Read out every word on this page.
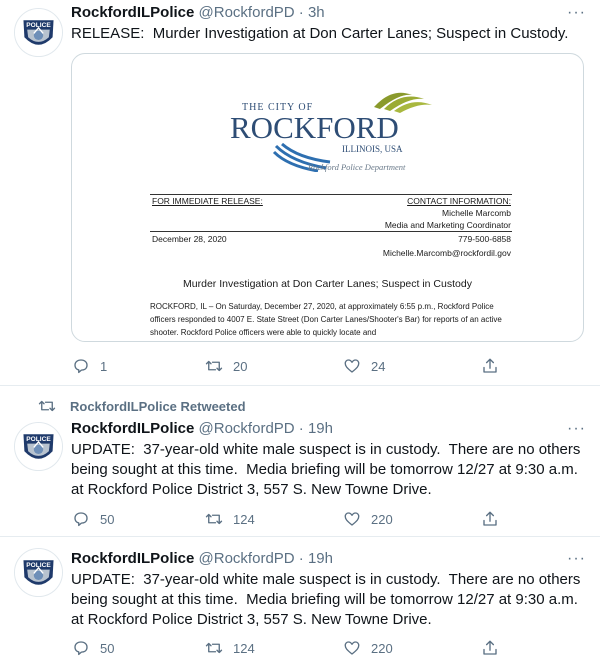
POLICE
RockfordILPolice @RockfordPD · 3h	···
RELEASE:  Murder Investigation at Don Carter Lanes; Suspect in Custody.
THE CITY OF
ROCKFORD
ILLINOIS, USA
Rockford Police Department
FOR IMMEDIATE RELEASE:	CONTACT INFORMATION:
Michelle Marcomb
Media and Marketing Coordinator
December 28, 2020	779-500-6858
Michelle.Marcomb@rockfordil.gov
Murder Investigation at Don Carter Lanes; Suspect in Custody
ROCKFORD, IL – On Saturday, December 27, 2020, at approximately 6:55 p.m., Rockford Police officers responded to 4007 E. State Street (Don Carter Lanes/Shooter's Bar) for reports of an active shooter. Rockford Police officers were able to quickly locate and
1	20	24
RockfordILPolice Retweeted
POLICE
RockfordILPolice @RockfordPD · 19h	···
UPDATE:  37-year-old white male suspect is in custody.  There are no others being sought at this time.  Media briefing will be tomorrow 12/27 at 9:30 a.m. at Rockford Police District 3, 557 S. New Towne Drive.
50	124	220
POLICE RockfordILPolice @RockfordPD · 19h	···
UPDATE:  37-year-old white male suspect is in custody.  There are no others being sought at this time.  Media briefing will be tomorrow 12/27 at 9:30 a.m. at Rockford Police District 3, 557 S. New Towne Drive.
50	124	220
